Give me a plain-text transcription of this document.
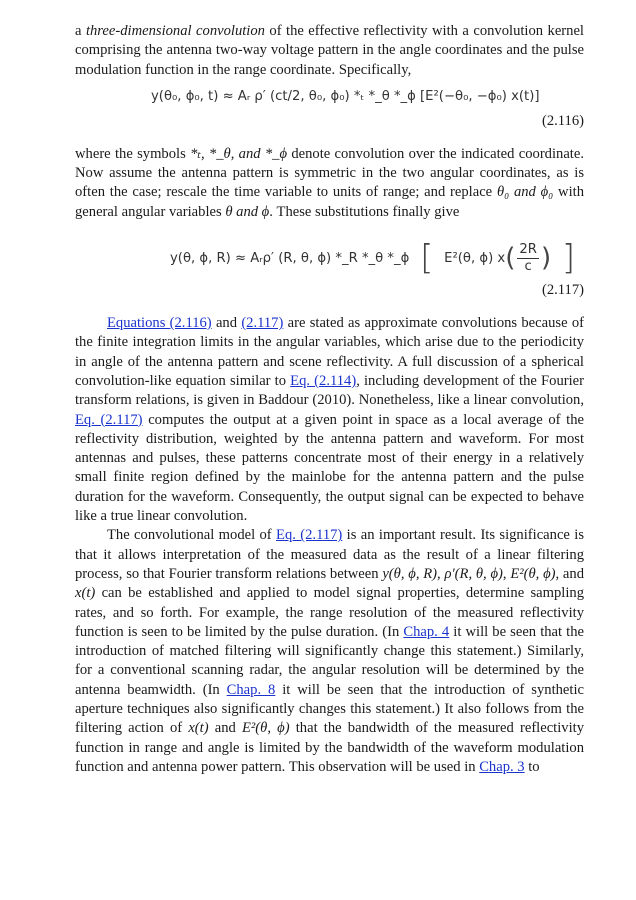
a three-dimensional convolution of the effective reflectivity with a convolution kernel comprising the antenna two-way voltage pattern in the angle coordinates and the pulse modulation function in the range coordinate. Specifically,

y(θ₀, ϕ₀, t) ≈ Aᵣ ρ′ (ct/2, θ₀, ϕ₀) *ₜ *_θ *_ϕ [E²(−θ₀, −ϕ₀) x(t)]
(2.116)

where the symbols *ₜ, *_θ, and *_ϕ denote convolution over the indicated coordinate. Now assume the antenna pattern is symmetric in the two angular coordinates, as is often the case; rescale the time variable to units of range; and replace θ₀ and ϕ₀ with general angular variables θ and ϕ. These substitutions finally give

y(θ, ϕ, R) ≈ Aᵣρ′ (R, θ, ϕ) *_R *_θ *_ϕ [ E²(θ, ϕ) x ( $\frac{2R}{c}$ ) ]
(2.117)

Equations (2.116) and (2.117) are stated as approximate convolutions because of the finite integration limits in the angular variables, which arise due to the periodicity in angle of the antenna pattern and scene reflectivity. A full discussion of a spherical convolution-like equation similar to Eq. (2.114), including development of the Fourier transform relations, is given in Baddour (2010). Nonetheless, like a linear convolution, Eq. (2.117) computes the output at a given point in space as a local average of the reflectivity distribution, weighted by the antenna pattern and waveform. For most antennas and pulses, these patterns concentrate most of their energy in a relatively small finite region defined by the mainlobe for the antenna pattern and the pulse duration for the waveform. Consequently, the output signal can be expected to behave like a true linear convolution.

The convolutional model of Eq. (2.117) is an important result. Its significance is that it allows interpretation of the measured data as the result of a linear filtering process, so that Fourier transform relations between y(θ, ϕ, R), ρ′(R, θ, ϕ), E²(θ, ϕ), and x(t) can be established and applied to model signal properties, determine sampling rates, and so forth. For example, the range resolution of the measured reflectivity function is seen to be limited by the pulse duration. (In Chap. 4 it will be seen that the introduction of matched filtering will significantly change this statement.) Similarly, for a conventional scanning radar, the angular resolution will be determined by the antenna beamwidth. (In Chap. 8 it will be seen that the introduction of synthetic aperture techniques also significantly changes this statement.) It also follows from the filtering action of x(t) and E²(θ, ϕ) that the bandwidth of the measured reflectivity function in range and angle is limited by the bandwidth of the waveform modulation function and antenna power pattern. This observation will be used in Chap. 3 to
